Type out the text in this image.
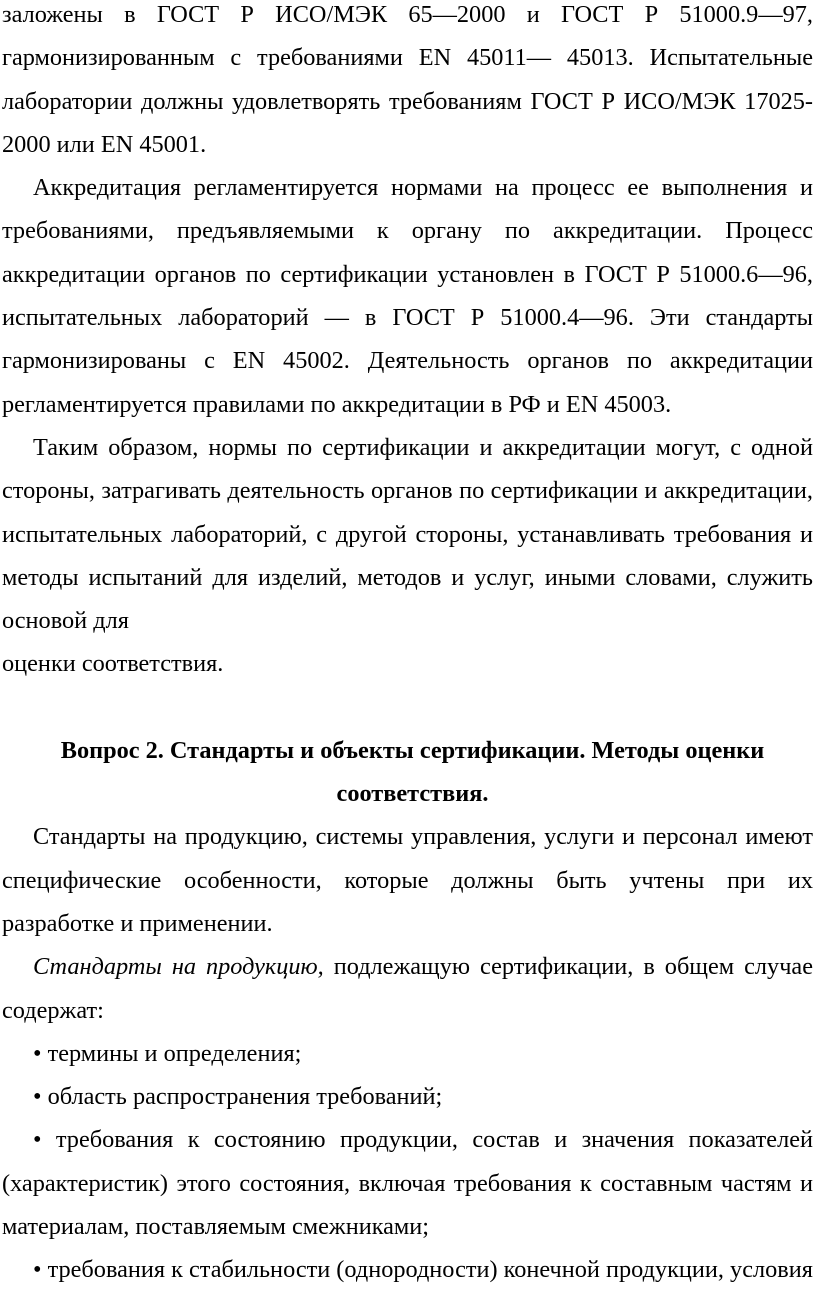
заложены в ГОСТ Р ИСО/МЭК 65—2000 и ГОСТ Р 51000.9—97, гармонизированным с требованиями EN 45011— 45013. Испытательные лаборатории должны удовлетворять требованиям ГОСТ Р ИСО/МЭК 17025-2000 или EN 45001.

Аккредитация регламентируется нормами на процесс ее выполнения и требованиями, предъявляемыми к органу по аккредитации. Процесс аккредитации органов по сертификации установлен в ГОСТ Р 51000.6—96, испытательных лабораторий — в ГОСТ Р 51000.4—96. Эти стандарты гармонизированы с EN 45002. Деятельность органов по аккредитации регламентируется правилами по аккредитации в РФ и EN 45003.

Таким образом, нормы по сертификации и аккредитации могут, с одной стороны, затрагивать деятельность органов по сертификации и аккредитации, испытательных лабораторий, с другой стороны, устанавливать требования и методы испытаний для изделий, методов и услуг, иными словами, служить основой для

оценки соответствия.

Вопрос 2. Стандарты и объекты сертификации. Методы оценки соответствия.

Стандарты на продукцию, системы управления, услуги и персонал имеют специфические особенности, которые должны быть учтены при их разработке и применении.

Стандарты на продукцию, подлежащую сертификации, в общем случае содержат:

• термины и определения;

• область распространения требований;

• требования к состоянию продукции, состав и значения показателей (характеристик) этого состояния, включая требования к составным частям и материалам, поставляемым смежниками;

• требования к стабильности (однородности) конечной продукции, условия
